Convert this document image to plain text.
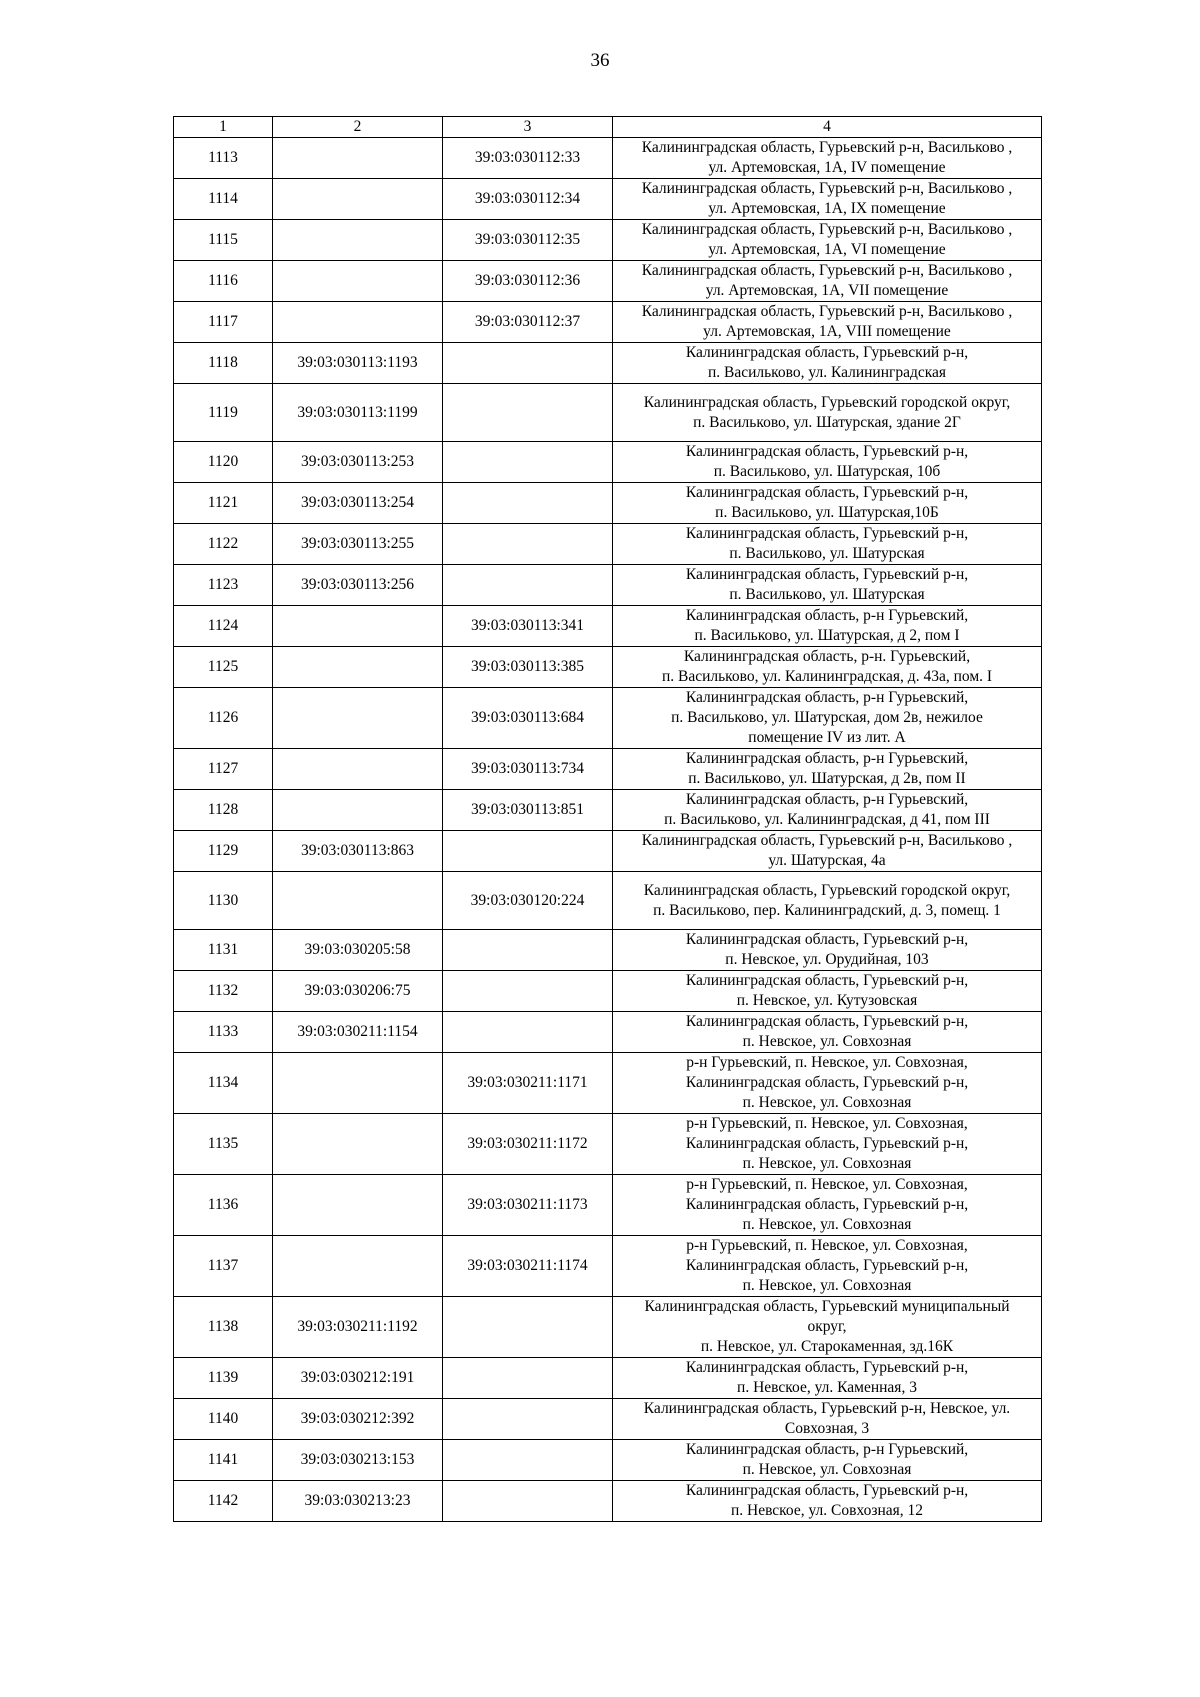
36
1	2	3	4
1113		39:03:030112:33	Калининградская область, Гурьевский р-н, Васильково ,
ул. Артемовская, 1А, IV помещение

1114		39:03:030112:34	Калининградская область, Гурьевский р-н, Васильково ,
ул. Артемовская, 1А, IX помещение

1115		39:03:030112:35	Калининградская область, Гурьевский р-н, Васильково ,
ул. Артемовская, 1А, VI помещение

1116		39:03:030112:36	Калининградская область, Гурьевский р-н, Васильково ,
ул. Артемовская, 1А, VII помещение

1117		39:03:030112:37	Калининградская область, Гурьевский р-н, Васильково ,
ул. Артемовская, 1А, VIII помещение

1118	39:03:030113:1193		Калининградская область, Гурьевский р-н,
п. Васильково, ул. Калининградская

1119	39:03:030113:1199		Калининградская область, Гурьевский городской округ,
п. Васильково, ул. Шатурская, здание 2Г

1120	39:03:030113:253		Калининградская область, Гурьевский р-н,
п. Васильково, ул. Шатурская, 10б

1121	39:03:030113:254		Калининградская область, Гурьевский р-н,
п. Васильково, ул. Шатурская,10Б

1122	39:03:030113:255		Калининградская область, Гурьевский р-н,
п. Васильково, ул. Шатурская

1123	39:03:030113:256		Калининградская область, Гурьевский р-н,
п. Васильково, ул. Шатурская

1124		39:03:030113:341	Калининградская область, р-н Гурьевский,
п. Васильково, ул. Шатурская, д 2, пом I

1125		39:03:030113:385	Калининградская область, р-н. Гурьевский,
п. Васильково, ул. Калининградская, д. 43а, пом. I

1126		39:03:030113:684	Калининградская область, р-н Гурьевский,
п. Васильково, ул. Шатурская, дом 2в, нежилое
помещение IV из лит. А

1127		39:03:030113:734	Калининградская область, р-н Гурьевский,
п. Васильково, ул. Шатурская, д 2в, пом II

1128		39:03:030113:851	Калининградская область, р-н Гурьевский,
п. Васильково, ул. Калининградская, д 41, пом III

1129	39:03:030113:863		Калининградская область, Гурьевский р-н, Васильково ,
ул. Шатурская, 4а

1130		39:03:030120:224	Калининградская область, Гурьевский городской округ,
п. Васильково, пер. Калининградский, д. 3, помещ. 1

1131	39:03:030205:58		Калининградская область, Гурьевский р-н,
п. Невское, ул. Орудийная, 103

1132	39:03:030206:75		Калининградская область, Гурьевский р-н,
п. Невское, ул. Кутузовская

1133	39:03:030211:1154		Калининградская область, Гурьевский р-н,
п. Невское, ул. Совхозная

1134		39:03:030211:1171	р-н Гурьевский, п. Невское, ул. Совхозная,
Калининградская область, Гурьевский р-н,
п. Невское, ул. Совхозная

1135		39:03:030211:1172	р-н Гурьевский, п. Невское, ул. Совхозная,
Калининградская область, Гурьевский р-н,
п. Невское, ул. Совхозная

1136		39:03:030211:1173	р-н Гурьевский, п. Невское, ул. Совхозная,
Калининградская область, Гурьевский р-н,
п. Невское, ул. Совхозная

1137		39:03:030211:1174	р-н Гурьевский, п. Невское, ул. Совхозная,
Калининградская область, Гурьевский р-н,
п. Невское, ул. Совхозная

1138	39:03:030211:1192		Калининградская область, Гурьевский муниципальный
округ,
п. Невское, ул. Старокаменная, зд.16К

1139	39:03:030212:191		Калининградская область, Гурьевский р-н,
п. Невское, ул. Каменная, 3

1140	39:03:030212:392		Калининградская область, Гурьевский р-н, Невское, ул.
Совхозная, 3

1141	39:03:030213:153		Калининградская область, р-н Гурьевский,
п. Невское, ул. Совхозная

1142	39:03:030213:23		Калининградская область, Гурьевский р-н,
п. Невское, ул. Совхозная, 12
